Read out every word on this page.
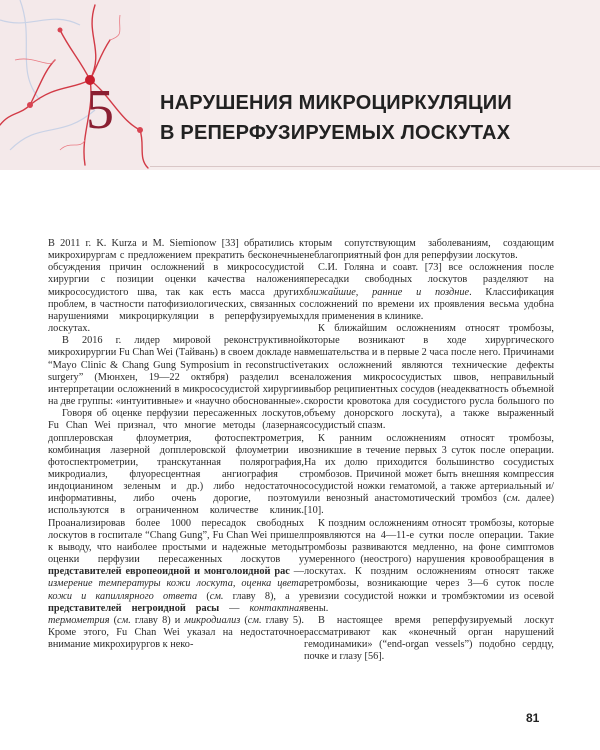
5	НАРУШЕНИЯ МИКРОЦИРКУЛЯЦИИ
В РЕПЕРФУЗИРУЕМЫХ ЛОСКУТАХ

В 2011 г. K. Kurza и M. Siemionow [33] обратились к микрохирургам с предложением прекратить бесконечные обсуждения причин осложнений в микрососудистой хирургии с позиции оценки качества наложения микрососудистого шва, так как есть масса других проблем, в частности патофизиологических, связанных с нарушениями микроциркуляции в реперфузируемых лоскутах.

В 2016 г. лидер мировой реконструктивной микрохирургии Fu Chan Wei (Тайвань) в своем докладе на “Mayo Clinic & Chang Gung Symposium in reconstructive surgery” (Мюнхен, 19—22 октября) разделил все интерпретации осложнений в микрососудистой хирургии на две группы: «интуитивные» и «научно обоснованные».

Говоря об оценке перфузии пересаженных лоскутов, Fu Chan Wei признал, что многие методы (лазерная допплеровская флоуметрия, фотоспектрометрия, комбинация лазерной допплеровской флоуметрии и фотоспектрометрии, транскутанная полярография, микродиализ, флуоресцентная ангиография с индоцианином зеленым и др.) либо недостаточно информативны, либо очень дорогие, поэтому используются в ограниченном количестве клиник. Проанализировав более 1000 пересадок свободных лоскутов в госпитале “Chang Gung”, Fu Chan Wei пришел к выводу, что наиболее простыми и надежные методы оценки перфузии пересаженных лоскутов у представителей европеоидной и монголоидной рас — измерение температуры кожи лоскута, оценка цвета кожи и капиллярного ответа (см. главу 8), а у представителей негроидной расы — контактная термометрия (см. главу 8) и микродиализ (см. главу 5). Кроме этого, Fu Chan Wei указал на недостаточное внимание микрохирургов к неко-

торым сопутствующим заболеваниям, создающим неблагоприятный фон для реперфузии лоскутов.

С.И. Голяна и соавт. [73] все осложнения после пересадки свободных лоскутов разделяют на ближайшие, ранние и поздние. Классификация осложнений по времени их проявления весьма удобна для применения в клинике.

К ближайшим осложнениям относят тромбозы, которые возникают в ходе хирургического вмешательства и в первые 2 часа после него. Причинами таких осложнений являются технические дефекты наложения микрососудистых швов, неправильный выбор реципиентных сосудов (неадекватность объемной скорости кровотока для сосудистого русла большого по объему донорского лоскута), а также выраженный сосудистый спазм.

К ранним осложнениям относят тромбозы, возникшие в течение первых 3 суток после операции. На их долю приходится большинство сосудистых тромбозов. Причиной может быть внешняя компрессия сосудистой ножки гематомой, а также артериальный и/или венозный анастомотический тромбоз (см. далее) [10].

К поздним осложнениям относят тромбозы, которые проявляются на 4—11-е сутки после операции. Такие тромбозы развиваются медленно, на фоне симптомов умеренного (неострого) нарушения кровообращения в лоскутах. К поздним осложнениям относят также ретромбозы, возникающие через 3—6 суток после ревизии сосудистой ножки и тромбэктомии из осевой вены.

В настоящее время реперфузируемый лоскут рассматривают как «конечный орган нарушений гемодинамики» (“end-organ vessels”) подобно сердцу, почке и глазу [56].

81
